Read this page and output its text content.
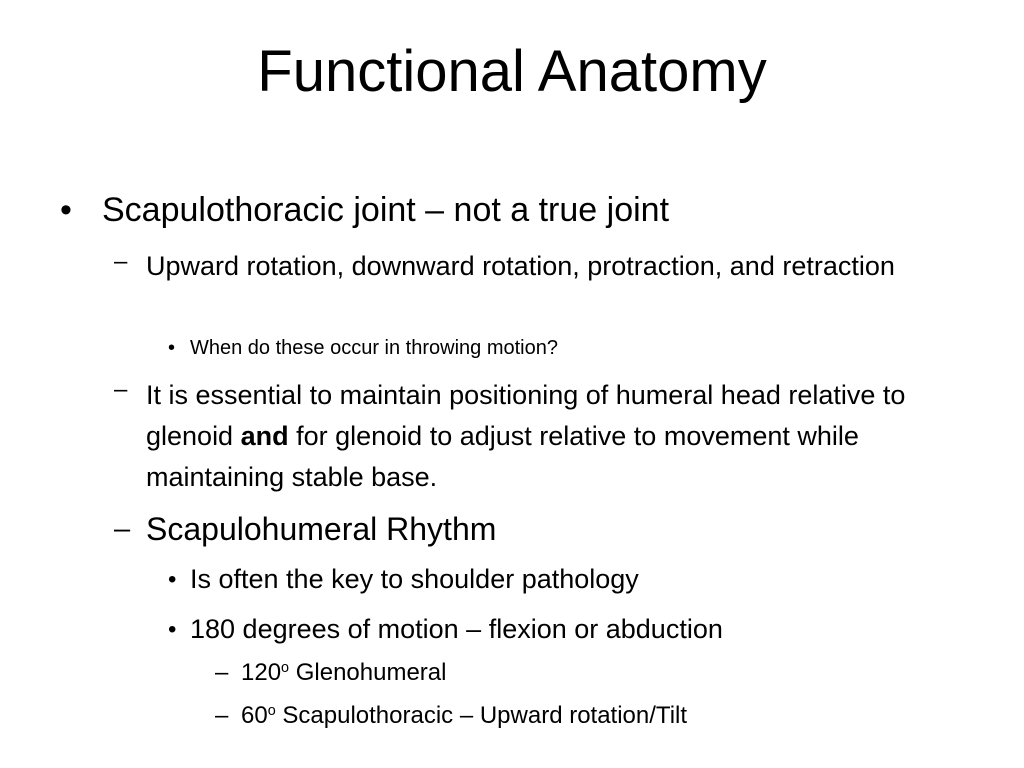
Functional Anatomy
• Scapulothoracic joint – not a true joint
– Upward rotation, downward rotation, protraction, and retraction
• When do these occur in throwing motion?
– It is essential to maintain positioning of humeral head relative to glenoid and for glenoid to adjust relative to movement while maintaining stable base.
– Scapulohumeral Rhythm
• Is often the key to shoulder pathology
• 180 degrees of motion – flexion or abduction
– 120$^o$ Glenohumeral
– 60$^o$ Scapulothoracic – Upward rotation/Tilt
